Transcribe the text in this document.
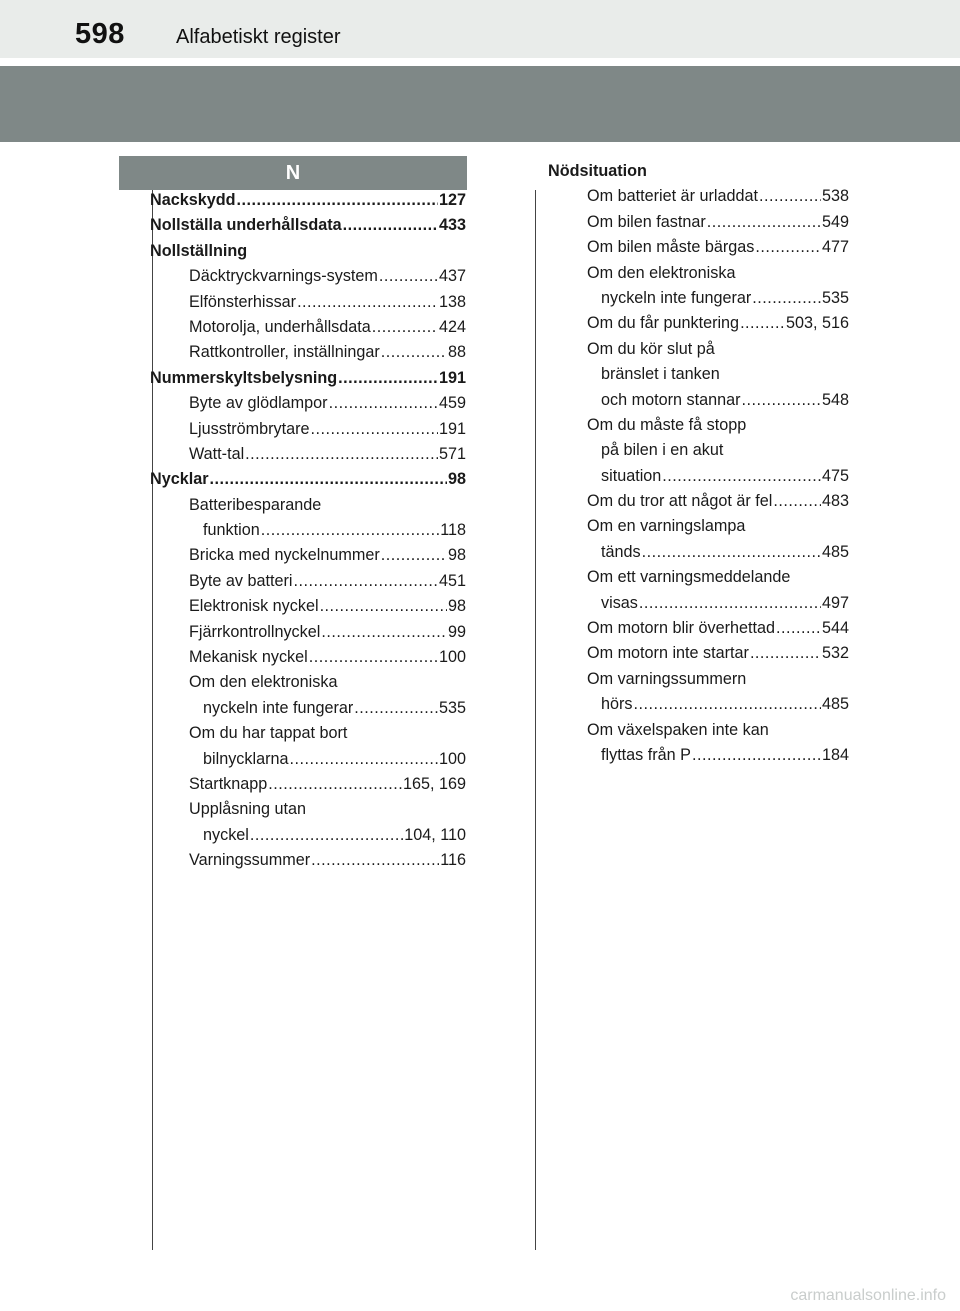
598	Alfabetiskt register
N
Nackskydd .....	127
Nollställa underhållsdata .....	433
Nollställning
Däcktryckvarnings-system .....	437
Elfönsterhissar .....	138
Motorolja, underhållsdata .....	424
Rattkontroller, inställningar .....	88
Nummerskyltsbelysning .....	191
Byte av glödlampor .....	459
Ljusströmbrytare .....	191
Watt-tal .....	571
Nycklar .....	98
Batteribesparande
funktion .....	118
Bricka med nyckelnummer .....	98
Byte av batteri .....	451
Elektronisk nyckel .....	98
Fjärrkontrollnyckel .....	99
Mekanisk nyckel .....	100
Om den elektroniska
nyckeln inte fungerar .....	535
Om du har tappat bort
bilnycklarna .....	100
Startknapp .....	165, 169
Upplåsning utan
nyckel .....	104, 110
Varningssummer .....	116
Nödsituation
Om batteriet är urladdat .....	538
Om bilen fastnar .....	549
Om bilen måste bärgas .....	477
Om den elektroniska
nyckeln inte fungerar .....	535
Om du får punktering .....	503, 516
Om du kör slut på
bränslet i tanken
och motorn stannar .....	548
Om du måste få stopp
på bilen i en akut
situation .....	475
Om du tror att något är fel .....	483
Om en varningslampa
tänds .....	485
Om ett varningsmeddelande
visas .....	497
Om motorn blir överhettad .....	544
Om motorn inte startar .....	532
Om varningssummern
hörs .....	485
Om växelspaken inte kan
flyttas från P .....	184
carmanualsonline.info
